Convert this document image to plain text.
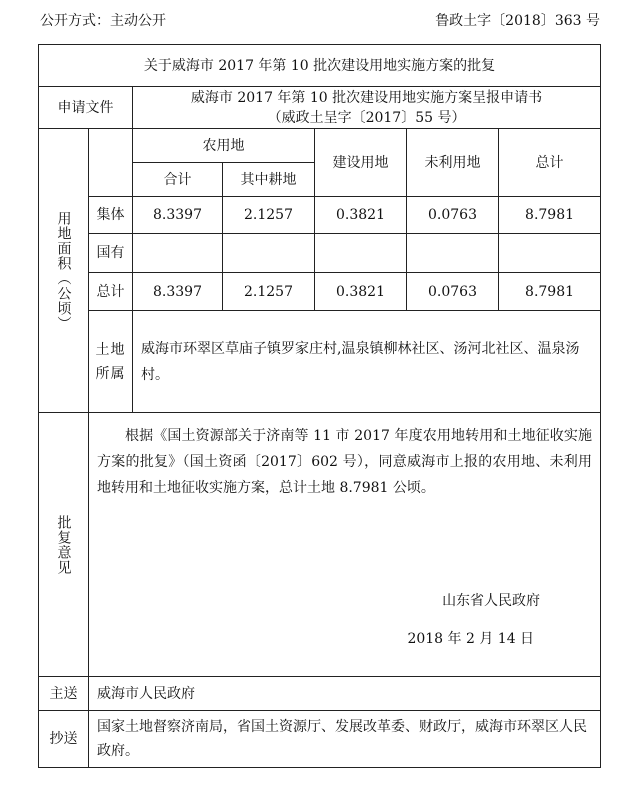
公开方式：主动公开	鲁政土字〔2018〕363 号
关于威海市 2017 年第 10 批次建设用地实施方案的批复						
申请文件		威海市 2017 年第 10 批次建设用地实施方案呈报申请书
（威政土呈字〔2017〕55 号）				

用地面积（公顷）		农用地		建设用地	未利用地	总计
		合计	其中耕地			
	集体	8.3397	2.1257	0.3821	0.0763	8.7981
	国有					
	总计	8.3397	2.1257	0.3821	0.0763	8.7981

	土地所属	威海市环翠区草庙子镇罗家庄村,温泉镇柳林社区、汤河北社区、温泉汤村。				

批复意见	根据《国土资源部关于济南等 11 市 2017 年度农用地转用和土地征收实施方案的批复》（国土资函〔2017〕602 号），同意威海市上报的农用地、未利用地转用和土地征收实施方案，总计土地 8.7981 公顷。
山东省人民政府
2018 年 2 月 14 日					

主送	威海市人民政府					
抄送	国家土地督察济南局，省国土资源厅、发展改革委、财政厅，威海市环翠区人民政府。					
